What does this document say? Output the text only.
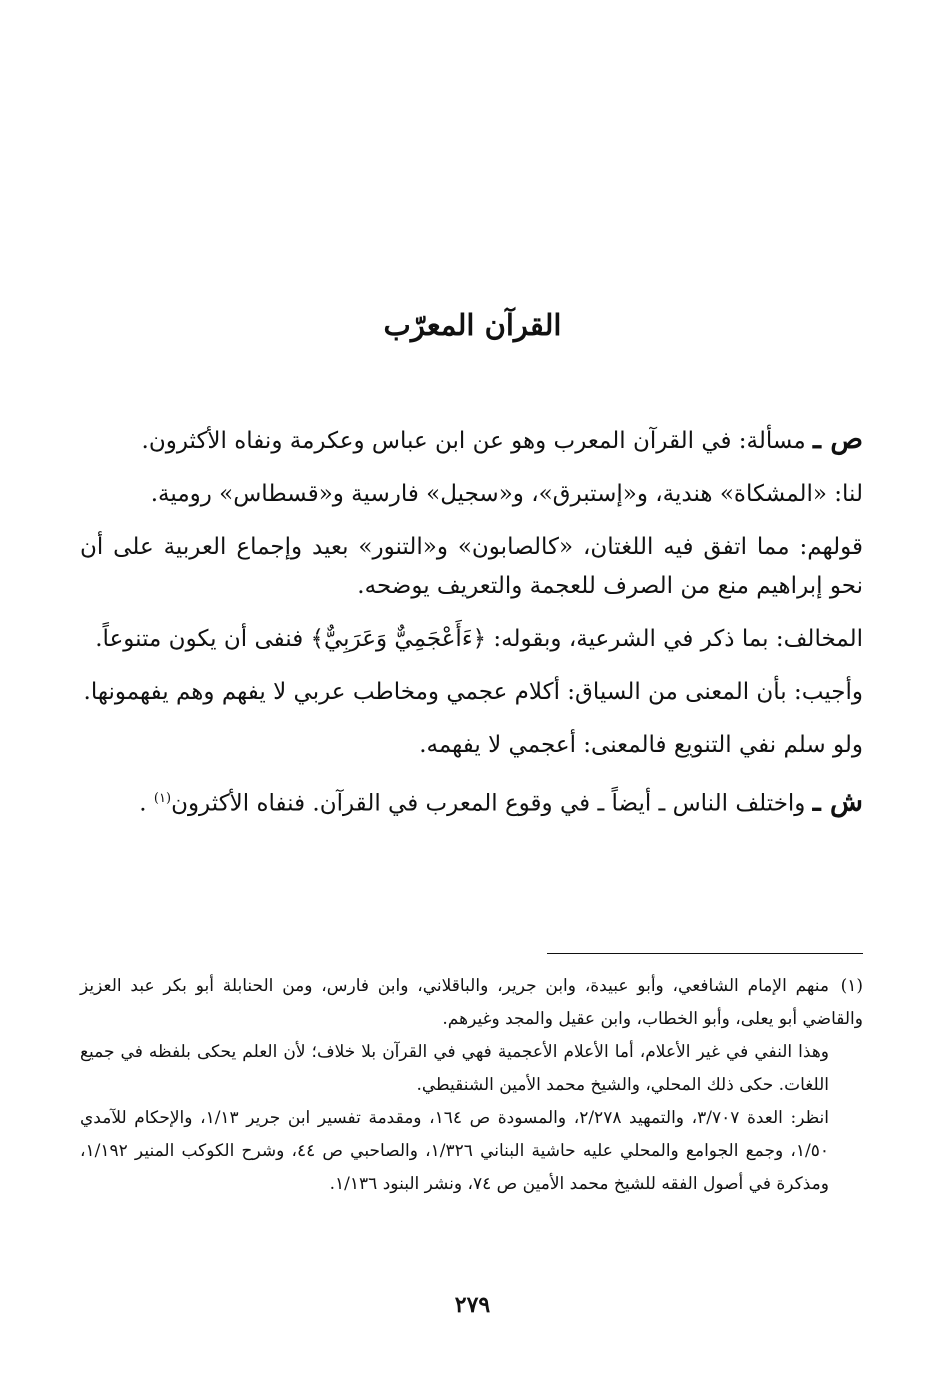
القرآن المعرّب

ص ـ مسألة: في القرآن المعرب وهو عن ابن عباس وعكرمة ونفاه الأكثرون.

لنا: «المشكاة» هندية، و«إستبرق»، و«سجيل» فارسية و«قسطاس» رومية.

قولهم: مما اتفق فيه اللغتان، «كالصابون» و«التنور» بعيد وإجماع العربية على أن نحو إبراهيم منع من الصرف للعجمة والتعريف يوضحه.

المخالف: بما ذكر في الشرعية، وبقوله: ﴿ءَأَعْجَمِيٌّ وَعَرَبِيٌّ﴾ فنفى أن يكون متنوعاً.

وأجيب: بأن المعنى من السياق: أكلام عجمي ومخاطب عربي لا يفهم وهم يفهمونها.

ولو سلم نفي التنويع فالمعنى: أعجمي لا يفهمه.

ش ـ واختلف الناس ـ أيضاً ـ في وقوع المعرب في القرآن. فنفاه الأكثرون$^{(١)}$ .

(١)منهم الإمام الشافعي، وأبو عبيدة، وابن جرير، والباقلاني، وابن فارس، ومن الحنابلة أبو بكر عبد العزيز والقاضي أبو يعلى، وأبو الخطاب، وابن عقيل والمجد وغيرهم.

وهذا النفي في غير الأعلام، أما الأعلام الأعجمية فهي في القرآن بلا خلاف؛ لأن العلم يحكى بلفظه في جميع اللغات. حكى ذلك المحلي، والشيخ محمد الأمين الشنقيطي.

انظر: العدة ٣/٧٠٧، والتمهيد ٢/٢٧٨، والمسودة ص ١٦٤، ومقدمة تفسير ابن جرير ١/١٣، والإحكام للآمدي ١/٥٠، وجمع الجوامع والمحلي عليه حاشية البناني ١/٣٢٦، والصاحبي ص ٤٤، وشرح الكوكب المنير ١/١٩٢، ومذكرة في أصول الفقه للشيخ محمد الأمين ص ٧٤، ونشر البنود ١/١٣٦.

٢٧٩
